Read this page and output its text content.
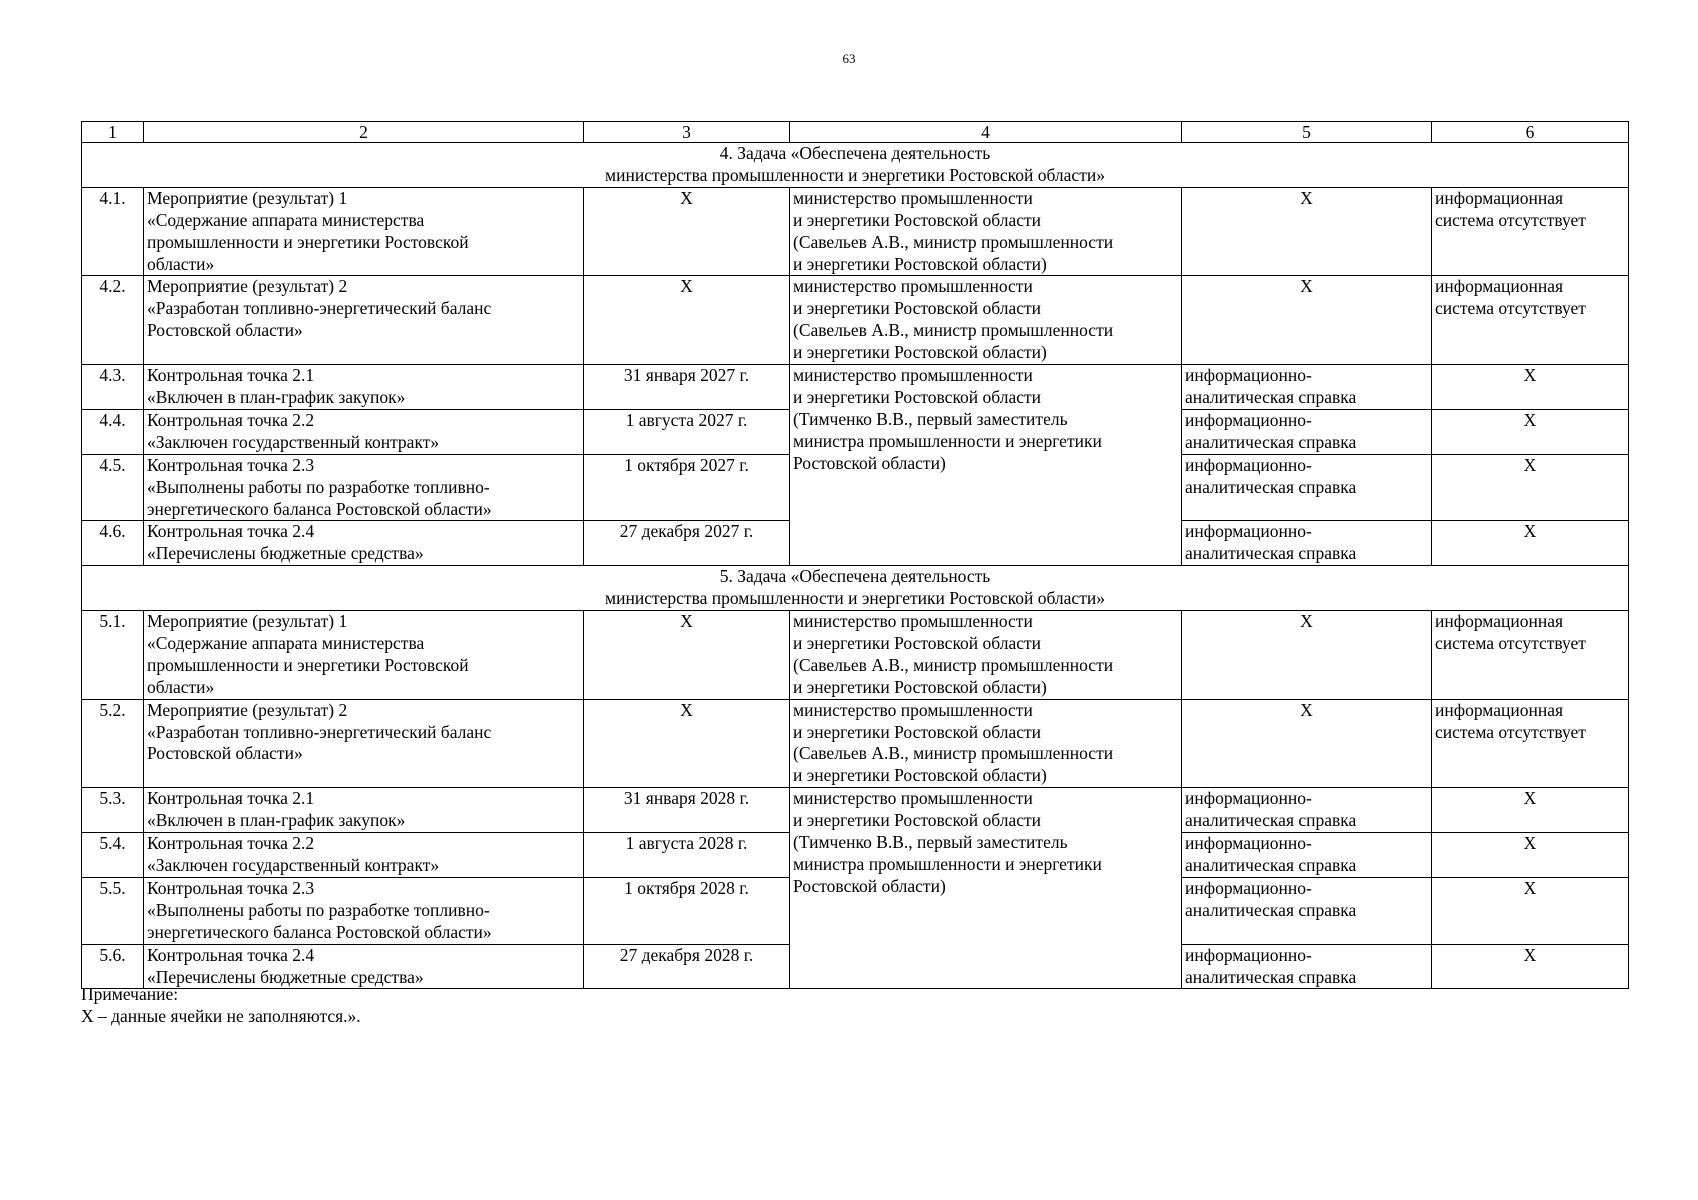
63
1	2	3	4	5	6

4. Задача «Обеспечена деятельность
министерства промышленности и энергетики Ростовской области»					

4.1.	Мероприятие (результат) 1
«Содержание аппарата министерства
промышленности и энергетики Ростовской
области»	X	министерство промышленности
и энергетики Ростовской области
(Савельев А.В., министр промышленности
и энергетики Ростовской области)	X	информационная
система отсутствует

4.2.	Мероприятие (результат) 2
«Разработан топливно-энергетический баланс
Ростовской области»	X	министерство промышленности
и энергетики Ростовской области
(Савельев А.В., министр промышленности
и энергетики Ростовской области)	X	информационная
система отсутствует

4.3.	Контрольная точка 2.1
«Включен в план-график закупок»	31 января 2027 г.	министерство промышленности
и энергетики Ростовской области
(Тимченко В.В., первый заместитель
министра промышленности и энергетики
Ростовской области)	информационно-
аналитическая справка	X
4.4.	Контрольная точка 2.2
«Заключен государственный контракт»	1 августа 2027 г.		информационно-
аналитическая справка	X
4.5.	Контрольная точка 2.3
«Выполнены работы по разработке топливно-
энергетического баланса Ростовской области»	1 октября 2027 г.		информационно-
аналитическая справка	X
4.6.	Контрольная точка 2.4
«Перечислены бюджетные средства»	27 декабря 2027 г.		информационно-
аналитическая справка	X

5. Задача «Обеспечена деятельность
министерства промышленности и энергетики Ростовской области»					

5.1.	Мероприятие (результат) 1
«Содержание аппарата министерства
промышленности и энергетики Ростовской
области»	X	министерство промышленности
и энергетики Ростовской области
(Савельев А.В., министр промышленности
и энергетики Ростовской области)	X	информационная
система отсутствует

5.2.	Мероприятие (результат) 2
«Разработан топливно-энергетический баланс
Ростовской области»	X	министерство промышленности
и энергетики Ростовской области
(Савельев А.В., министр промышленности
и энергетики Ростовской области)	X	информационная
система отсутствует

5.3.	Контрольная точка 2.1
«Включен в план-график закупок»	31 января 2028 г.	министерство промышленности
и энергетики Ростовской области
(Тимченко В.В., первый заместитель
министра промышленности и энергетики
Ростовской области)	информационно-
аналитическая справка	X
5.4.	Контрольная точка 2.2
«Заключен государственный контракт»	1 августа 2028 г.		информационно-
аналитическая справка	X
5.5.	Контрольная точка 2.3
«Выполнены работы по разработке топливно-
энергетического баланса Ростовской области»	1 октября 2028 г.		информационно-
аналитическая справка	X
5.6.	Контрольная точка 2.4
«Перечислены бюджетные средства»	27 декабря 2028 г.		информационно-
аналитическая справка	X
Примечание:
X – данные ячейки не заполняются.».
